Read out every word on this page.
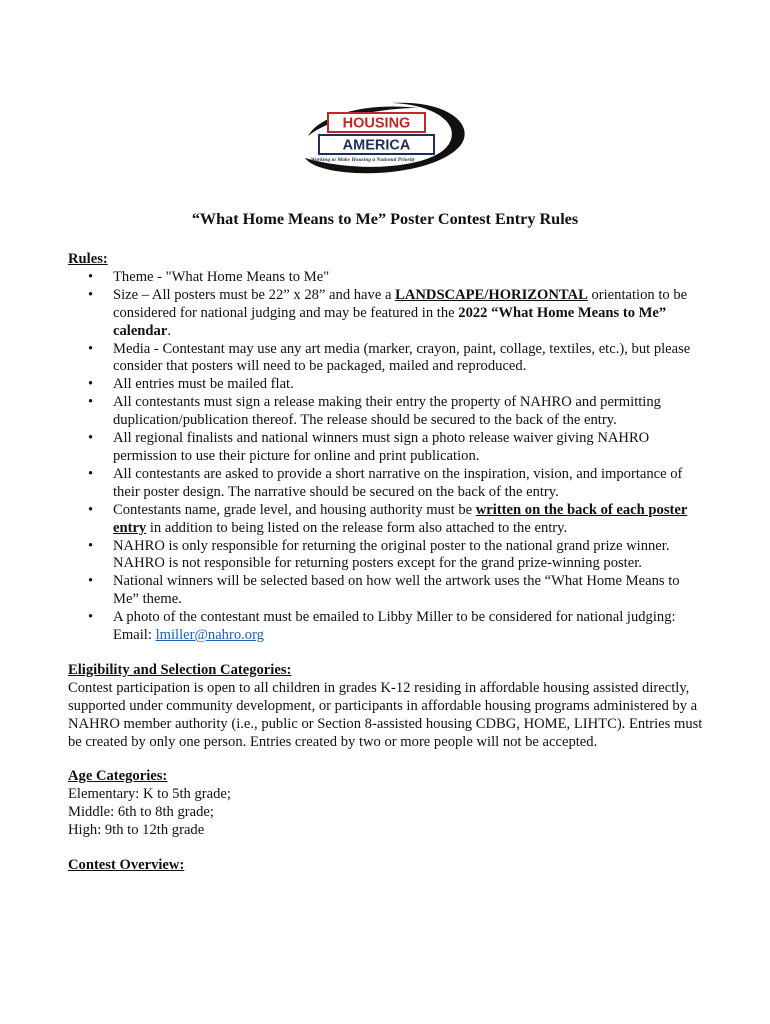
HOUSING
AMERICA
Working to Make Housing a National Priority
“What Home Means to Me” Poster Contest Entry Rules
Rules:
• Theme - "What Home Means to Me"
• Size – All posters must be 22” x 28” and have a LANDSCAPE/HORIZONTAL orientation to be considered for national judging and may be featured in the 2022 “What Home Means to Me” calendar.
• Media - Contestant may use any art media (marker, crayon, paint, collage, textiles, etc.), but please consider that posters will need to be packaged, mailed and reproduced.
• All entries must be mailed flat.
• All contestants must sign a release making their entry the property of NAHRO and permitting duplication/publication thereof. The release should be secured to the back of the entry.
• All regional finalists and national winners must sign a photo release waiver giving NAHRO permission to use their picture for online and print publication.
• All contestants are asked to provide a short narrative on the inspiration, vision, and importance of their poster design. The narrative should be secured on the back of the entry.
• Contestants name, grade level, and housing authority must be written on the back of each poster entry in addition to being listed on the release form also attached to the entry.
• NAHRO is only responsible for returning the original poster to the national grand prize winner. NAHRO is not responsible for returning posters except for the grand prize-winning poster.
• National winners will be selected based on how well the artwork uses the “What Home Means to Me” theme.
• A photo of the contestant must be emailed to Libby Miller to be considered for national judging: Email: lmiller@nahro.org
Eligibility and Selection Categories:

Contest participation is open to all children in grades K-12 residing in affordable housing assisted directly, supported under community development, or participants in affordable housing programs administered by a NAHRO member authority (i.e., public or Section 8-assisted housing CDBG, HOME, LIHTC). Entries must be created by only one person. Entries created by two or more people will not be accepted.

Age Categories:
Elementary: K to 5th grade;
Middle: 6th to 8th grade;
High: 9th to 12th grade
Contest Overview:
